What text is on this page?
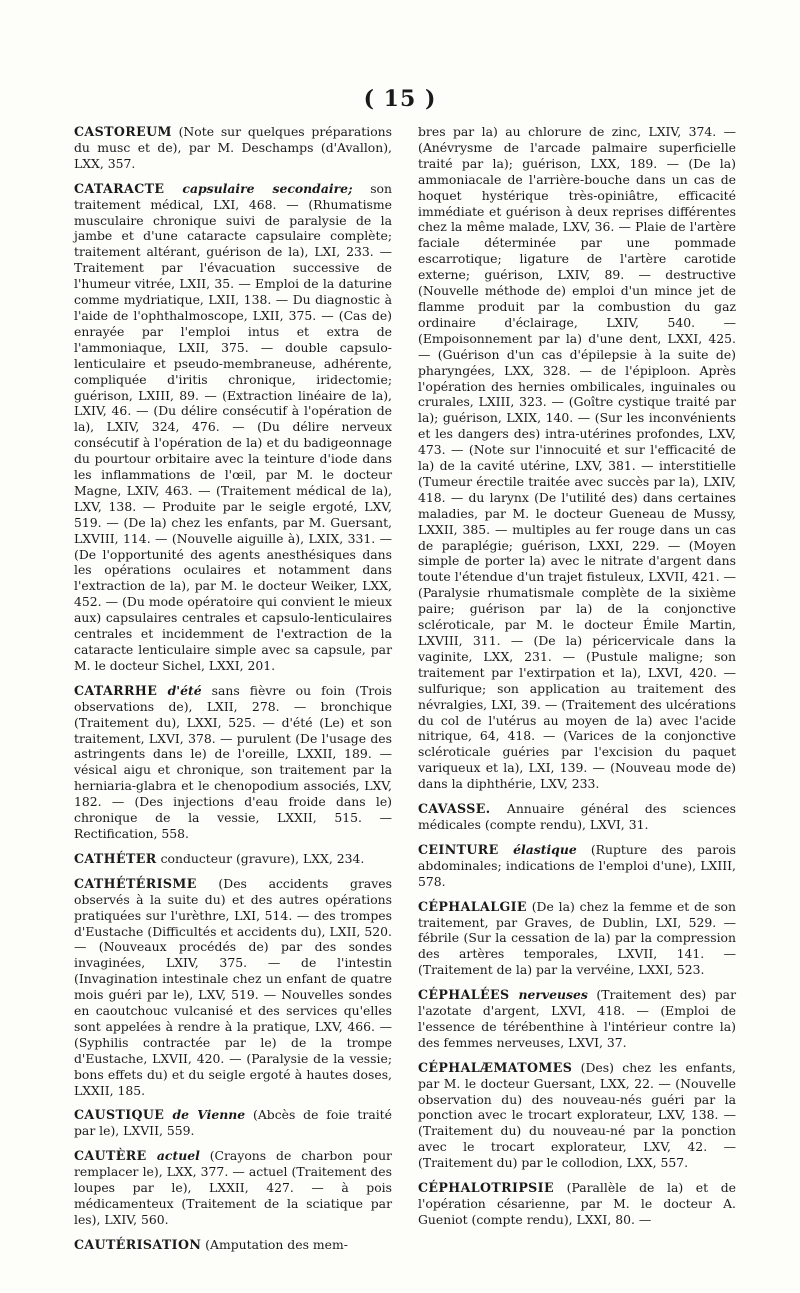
( 15 )

CASTOREUM (Note sur quelques préparations du musc et de), par M. Deschamps (d'Avallon), LXX, 357.

CATARACTE capsulaire secondaire; son traitement médical, LXI, 468. — (Rhumatisme musculaire chronique suivi de paralysie de la jambe et d'une cataracte capsulaire complète; traitement altérant, guérison de la), LXI, 233. — Traitement par l'évacuation successive de l'humeur vitrée, LXII, 35. — Emploi de la daturine comme mydriatique, LXII, 138. — Du diagnostic à l'aide de l'ophthalmoscope, LXII, 375. — (Cas de) enrayée par l'emploi intus et extra de l'ammoniaque, LXII, 375. — double capsulo-lenticulaire et pseudo-membraneuse, adhérente, compliquée d'iritis chronique, iridectomie; guérison, LXIII, 89. — (Extraction linéaire de la), LXIV, 46. — (Du délire consécutif à l'opération de la), LXIV, 324, 476. — (Du délire nerveux consécutif à l'opération de la) et du badigeonnage du pourtour orbitaire avec la teinture d'iode dans les inflammations de l'œil, par M. le docteur Magne, LXIV, 463. — (Traitement médical de la), LXV, 138. — Produite par le seigle ergoté, LXV, 519. — (De la) chez les enfants, par M. Guersant, LXVIII, 114. — (Nouvelle aiguille à), LXIX, 331. — (De l'opportunité des agents anesthésiques dans les opérations oculaires et notamment dans l'extraction de la), par M. le docteur Weiker, LXX, 452. — (Du mode opératoire qui convient le mieux aux) capsulaires centrales et capsulo-lenticulaires centrales et incidemment de l'extraction de la cataracte lenticulaire simple avec sa capsule, par M. le docteur Sichel, LXXI, 201.

CATARRHE d'été sans fièvre ou foin (Trois observations de), LXII, 278. — bronchique (Traitement du), LXXI, 525. — d'été (Le) et son traitement, LXVI, 378. — purulent (De l'usage des astringents dans le) de l'oreille, LXXII, 189. — vésical aigu et chronique, son traitement par la herniaria-glabra et le chenopodium associés, LXV, 182. — (Des injections d'eau froide dans le) chronique de la vessie, LXXII, 515. — Rectification, 558.

CATHÉTER conducteur (gravure), LXX, 234.

CATHÉTÉRISME (Des accidents graves observés à la suite du) et des autres opérations pratiquées sur l'urèthre, LXI, 514. — des trompes d'Eustache (Difficultés et accidents du), LXII, 520. — (Nouveaux procédés de) par des sondes invaginées, LXIV, 375. — de l'intestin (Invagination intestinale chez un enfant de quatre mois guéri par le), LXV, 519. — Nouvelles sondes en caoutchouc vulcanisé et des services qu'elles sont appelées à rendre à la pratique, LXV, 466. — (Syphilis contractée par le) de la trompe d'Eustache, LXVII, 420. — (Paralysie de la vessie; bons effets du) et du seigle ergoté à hautes doses, LXXII, 185.

CAUSTIQUE de Vienne (Abcès de foie traité par le), LXVII, 559.

CAUTÈRE actuel (Crayons de charbon pour remplacer le), LXX, 377. — actuel (Traitement des loupes par le), LXXII, 427. — à pois médicamenteux (Traitement de la sciatique par les), LXIV, 560.

CAUTÉRISATION (Amputation des mem-

bres par la) au chlorure de zinc, LXIV, 374. — (Anévrysme de l'arcade palmaire superficielle traité par la); guérison, LXX, 189. — (De la) ammoniacale de l'arrière-bouche dans un cas de hoquet hystérique très-opiniâtre, efficacité immédiate et guérison à deux reprises différentes chez la même malade, LXV, 36. — Plaie de l'artère faciale déterminée par une pommade escarrotique; ligature de l'artère carotide externe; guérison, LXIV, 89. — destructive (Nouvelle méthode de) emploi d'un mince jet de flamme produit par la combustion du gaz ordinaire d'éclairage, LXIV, 540. — (Empoisonnement par la) d'une dent, LXXI, 425. — (Guérison d'un cas d'épilepsie à la suite de) pharyngées, LXX, 328. — de l'épiploon. Après l'opération des hernies ombilicales, inguinales ou crurales, LXIII, 323. — (Goître cystique traité par la); guérison, LXIX, 140. — (Sur les inconvénients et les dangers des) intra-utérines profondes, LXV, 473. — (Note sur l'innocuité et sur l'efficacité de la) de la cavité utérine, LXV, 381. — interstitielle (Tumeur érectile traitée avec succès par la), LXIV, 418. — du larynx (De l'utilité des) dans certaines maladies, par M. le docteur Gueneau de Mussy, LXXII, 385. — multiples au fer rouge dans un cas de paraplégie; guérison, LXXI, 229. — (Moyen simple de porter la) avec le nitrate d'argent dans toute l'étendue d'un trajet fistuleux, LXVII, 421. — (Paralysie rhumatismale complète de la sixième paire; guérison par la) de la conjonctive scléroticale, par M. le docteur Émile Martin, LXVIII, 311. — (De la) péricervicale dans la vaginite, LXX, 231. — (Pustule maligne; son traitement par l'extirpation et la), LXVI, 420. — sulfurique; son application au traitement des névralgies, LXI, 39. — (Traitement des ulcérations du col de l'utérus au moyen de la) avec l'acide nitrique, 64, 418. — (Varices de la conjonctive scléroticale guéries par l'excision du paquet variqueux et la), LXI, 139. — (Nouveau mode de) dans la diphthérie, LXV, 233.

CAVASSE. Annuaire général des sciences médicales (compte rendu), LXVI, 31.

CEINTURE élastique (Rupture des parois abdominales; indications de l'emploi d'une), LXIII, 578.

CÉPHALALGIE (De la) chez la femme et de son traitement, par Graves, de Dublin, LXI, 529. — fébrile (Sur la cessation de la) par la compression des artères temporales, LXVII, 141. — (Traitement de la) par la vervéine, LXXI, 523.

CÉPHALÉES nerveuses (Traitement des) par l'azotate d'argent, LXVI, 418. — (Emploi de l'essence de térébenthine à l'intérieur contre la) des femmes nerveuses, LXVI, 37.

CÉPHALÆMATOMES (Des) chez les enfants, par M. le docteur Guersant, LXX, 22. — (Nouvelle observation du) des nouveau-nés guéri par la ponction avec le trocart explorateur, LXV, 138. — (Traitement du) du nouveau-né par la ponction avec le trocart explorateur, LXV, 42. — (Traitement du) par le collodion, LXX, 557.

CÉPHALOTRIPSIE (Parallèle de la) et de l'opération césarienne, par M. le docteur A. Gueniot (compte rendu), LXXI, 80. —
